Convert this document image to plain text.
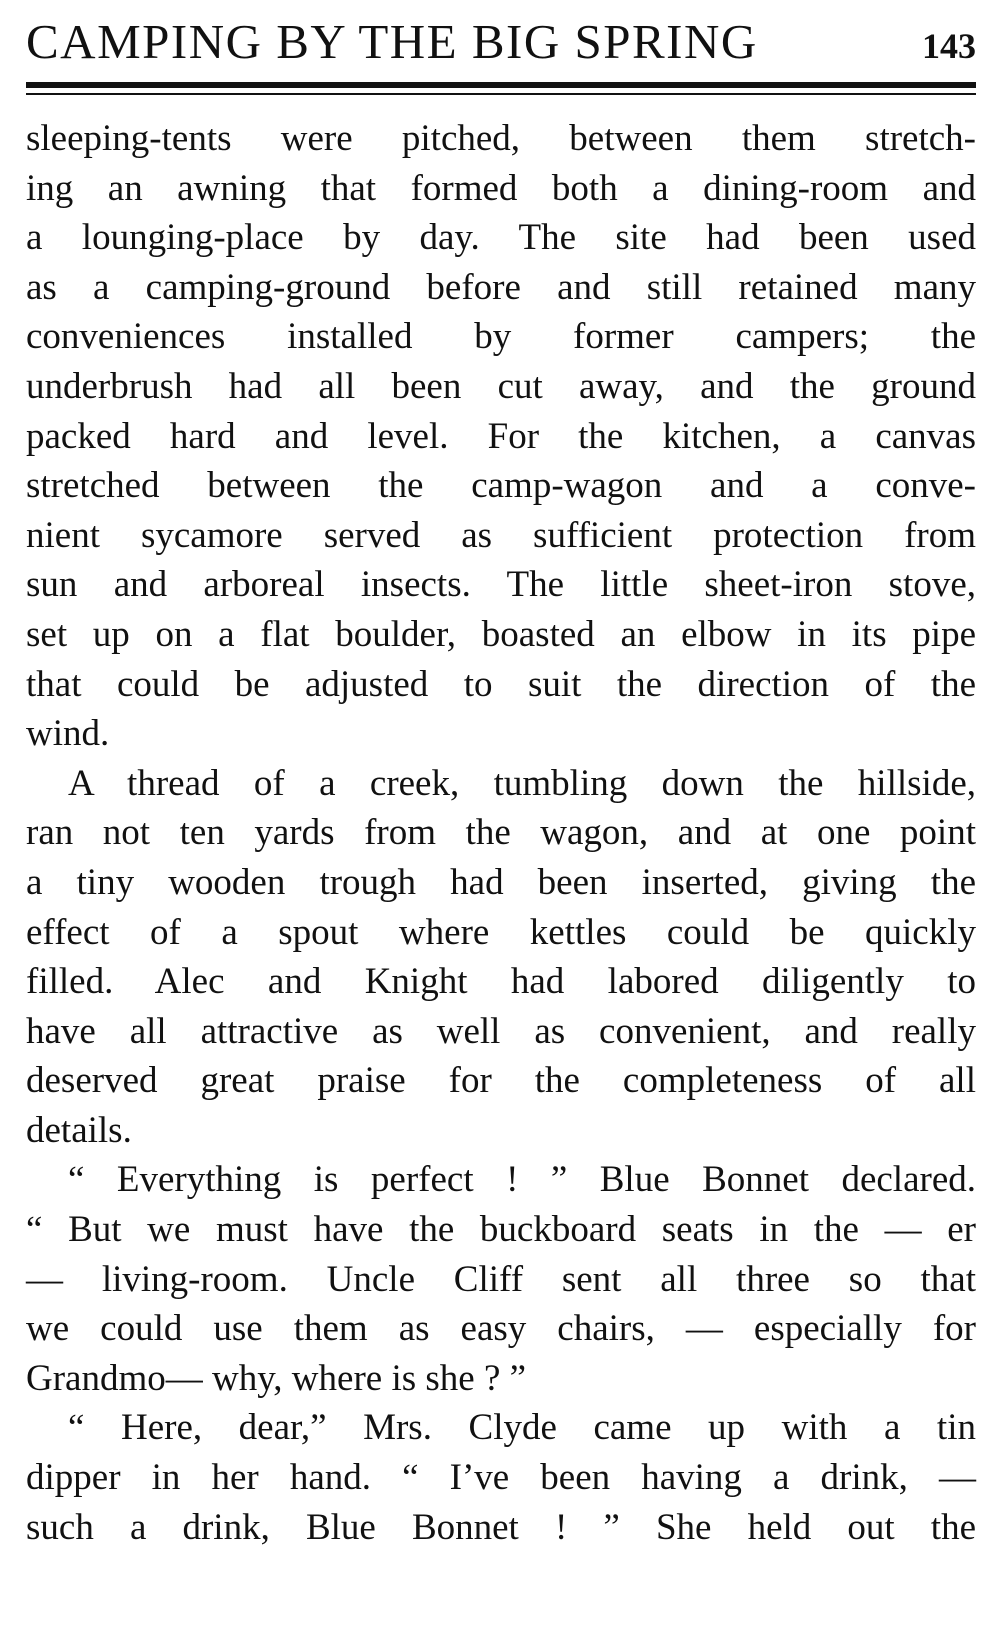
CAMPING BY THE BIG SPRING	143
sleeping-tents were pitched, between them stretch-
ing an awning that formed both a dining-room and
a lounging-place by day. The site had been used
as a camping-ground before and still retained many
conveniences installed by former campers; the
underbrush had all been cut away, and the ground
packed hard and level. For the kitchen, a canvas
stretched between the camp-wagon and a conve-
nient sycamore served as sufficient protection from
sun and arboreal insects. The little sheet-iron stove,
set up on a flat boulder, boasted an elbow in its pipe
that could be adjusted to suit the direction of the
wind.
A thread of a creek, tumbling down the hillside,
ran not ten yards from the wagon, and at one point
a tiny wooden trough had been inserted, giving the
effect of a spout where kettles could be quickly
filled. Alec and Knight had labored diligently to
have all attractive as well as convenient, and really
deserved great praise for the completeness of all
details.
“ Everything is perfect ! ” Blue Bonnet declared.
“ But we must have the buckboard seats in the — er
— living-room. Uncle Cliff sent all three so that
we could use them as easy chairs, — especially for
Grandmo— why, where is she ? ”
“ Here, dear,” Mrs. Clyde came up with a tin
dipper in her hand. “ I’ve been having a drink, —
such a drink, Blue Bonnet ! ” She held out the
